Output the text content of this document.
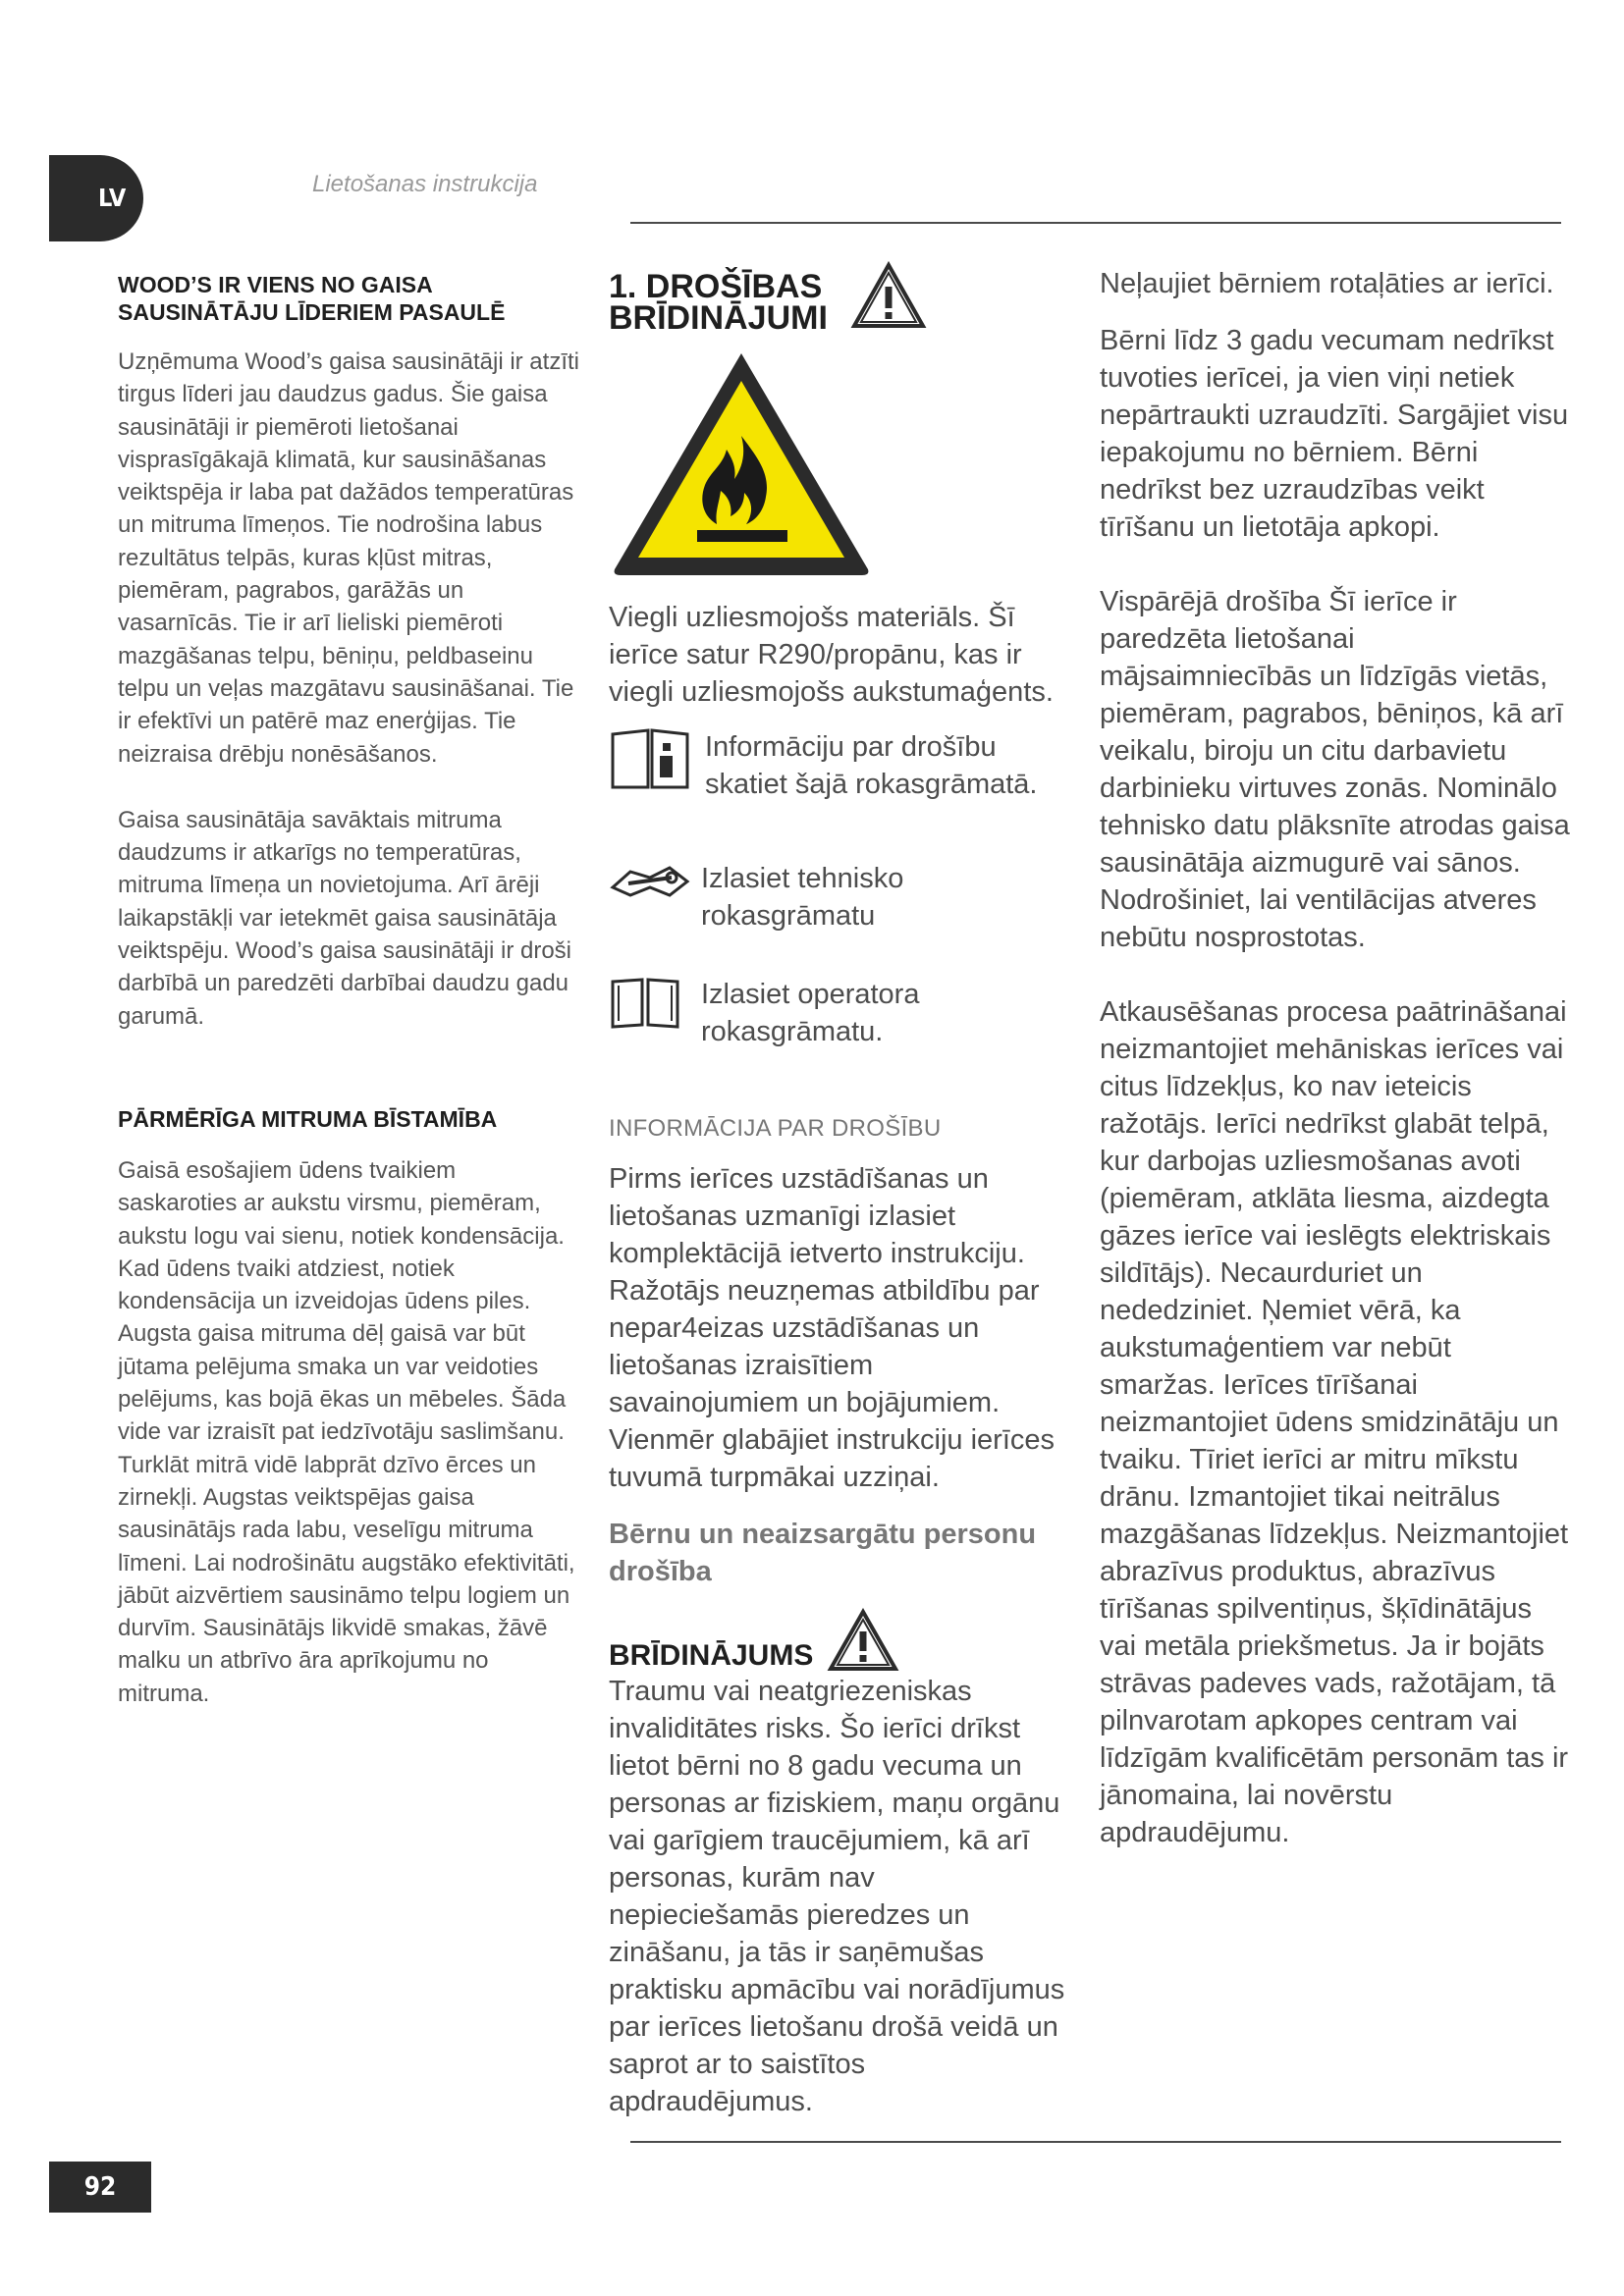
LV	Lietošanas instrukcija
WOOD’S IR VIENS NO GAISA SAUSINĀTĀJU LĪDERIEM PASAULĒ

Uzņēmuma Wood’s gaisa sausinātāji ir atzīti tirgus līderi jau daudzus gadus. Šie gaisa sausinātāji ir piemēroti lietošanai visprasīgākajā klimatā, kur sausināšanas veiktspēja ir laba pat dažādos temperatūras un mitruma līmeņos. Tie nodrošina labus rezultātus telpās, kuras kļūst mitras, piemēram, pagrabos, garāžās un vasarnīcās. Tie ir arī lieliski piemēroti mazgāšanas telpu, bēniņu, peldbaseinu telpu un veļas mazgātavu sausināšanai. Tie ir efektīvi un patērē maz enerģijas. Tie neizraisa drēbju nonēsāšanos.

Gaisa sausinātāja savāktais mitruma daudzums ir atkarīgs no temperatūras, mitruma līmeņa un novietojuma. Arī ārēji laikapstākļi var ietekmēt gaisa sausinātāja veiktspēju. Wood’s gaisa sausinātāji ir droši darbībā un paredzēti darbībai daudzu gadu garumā.

PĀRMĒRĪGA MITRUMA BĪSTAMĪBA

Gaisā esošajiem ūdens tvaikiem saskaroties ar aukstu virsmu, piemēram, aukstu logu vai sienu, notiek kondensācija. Kad ūdens tvaiki atdziest, notiek kondensācija un izveidojas ūdens piles. Augsta gaisa mitruma dēļ gaisā var būt jūtama pelējuma smaka un var veidoties pelējums, kas bojā ēkas un mēbeles. Šāda vide var izraisīt pat iedzīvotāju saslimšanu. Turklāt mitrā vidē labprāt dzīvo ērces un zirnekļi. Augstas veiktspējas gaisa sausinātājs rada labu, veselīgu mitruma līmeni. Lai nodrošinātu augstāko efektivitāti, jābūt aizvērtiem sausināmo telpu logiem un durvīm. Sausinātājs likvidē smakas, žāvē malku un atbrīvo āra aprīkojumu no mitruma.

1. DROŠĪBAS BRĪDINĀJUMI

Viegli uzliesmojošs materiāls. Šī ierīce satur R290/propānu, kas ir viegli uzliesmojošs aukstumaģents.

Informāciju par drošību skatiet šajā rokasgrāmatā.
Izlasiet tehnisko rokasgrāmatu
Izlasiet operatora rokasgrāmatu.
INFORMĀCIJA PAR DROŠĪBU

Pirms ierīces uzstādīšanas un lietošanas uzmanīgi izlasiet komplektācijā ietverto instrukciju. Ražotājs neuzņemas atbildību par nepar4eizas uzstādīšanas un lietošanas izraisītiem savainojumiem un bojājumiem. Vienmēr glabājiet instrukciju ierīces tuvumā turpmākai uzziņai.

Bērnu un neaizsargātu personu drošība

BRĪDINĀJUMS

Traumu vai neatgriezeniskas invaliditātes risks. Šo ierīci drīkst lietot bērni no 8 gadu vecuma un personas ar fiziskiem, maņu orgānu vai garīgiem traucējumiem, kā arī personas, kurām nav nepieciešamās pieredzes un zināšanu, ja tās ir saņēmušas praktisku apmācību vai norādījumus par ierīces lietošanu drošā veidā un saprot ar to saistītos apdraudējumus.

Neļaujiet bērniem rotaļāties ar ierīci.

Bērni līdz 3 gadu vecumam nedrīkst tuvoties ierīcei, ja vien viņi netiek nepārtraukti uzraudzīti. Sargājiet visu iepakojumu no bērniem. Bērni nedrīkst bez uzraudzības veikt tīrīšanu un lietotāja apkopi.

Vispārējā drošība Šī ierīce ir paredzēta lietošanai mājsaimniecībās un līdzīgās vietās, piemēram, pagrabos, bēniņos, kā arī veikalu, biroju un citu darbavietu darbinieku virtuves zonās. Nominālo tehnisko datu plāksnīte atrodas gaisa sausinātāja aizmugurē vai sānos. Nodrošiniet, lai ventilācijas atveres nebūtu nosprostotas.

Atkausēšanas procesa paātrināšanai neizmantojiet mehāniskas ierīces vai citus līdzekļus, ko nav ieteicis ražotājs. Ierīci nedrīkst glabāt telpā, kur darbojas uzliesmošanas avoti (piemēram, atklāta liesma, aizdegta gāzes ierīce vai ieslēgts elektriskais sildītājs). Necaurduriet un nededziniet. Ņemiet vērā, ka aukstumaģentiem var nebūt smaržas. Ierīces tīrīšanai neizmantojiet ūdens smidzinātāju un tvaiku. Tīriet ierīci ar mitru mīkstu drānu. Izmantojiet tikai neitrālus mazgāšanas līdzekļus. Neizmantojiet abrazīvus produktus, abrazīvus tīrīšanas spilventiņus, šķīdinātājus vai metāla priekšmetus. Ja ir bojāts strāvas padeves vads, ražotājam, tā pilnvarotam apkopes centram vai līdzīgām kvalificētām personām tas ir jānomaina, lai novērstu apdraudējumu.

92
